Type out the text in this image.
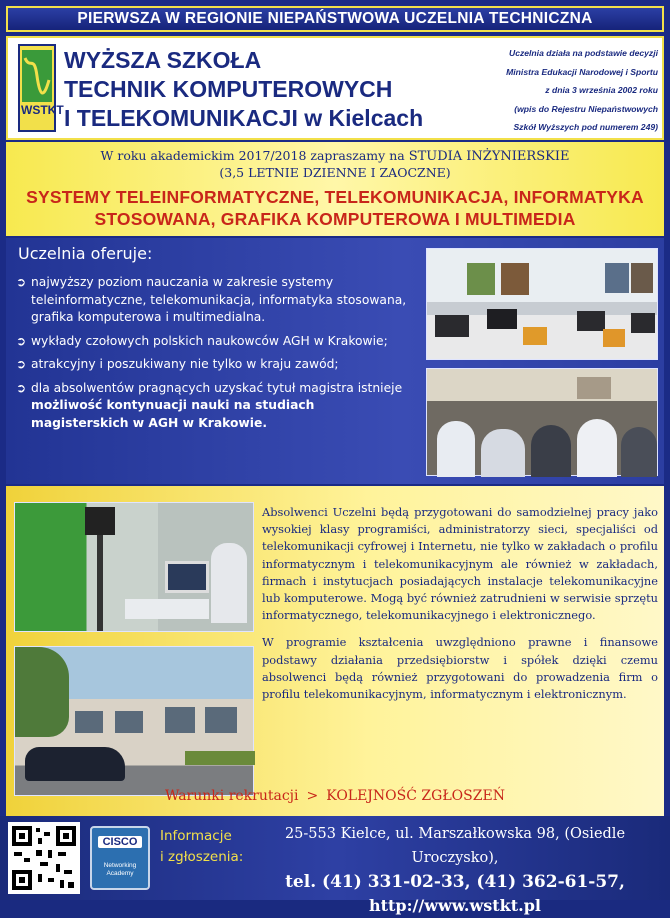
PIERWSZA W REGIONIE NIEPAŃSTWOWA UCZELNIA TECHNICZNA
WSTKT
WYŻSZA SZKOŁA
TECHNIK KOMPUTEROWYCH
I TELEKOMUNIKACJI w Kielcach
Uczelnia działa na podstawie decyzji
Ministra Edukacji Narodowej i Sportu
z dnia 3 września 2002 roku
(wpis do Rejestru Niepaństwowych
Szkół Wyższych pod numerem 249)
W roku akademickim 2017/2018 zapraszamy na STUDIA INŻYNIERSKIE
(3,5 LETNIE DZIENNE I ZAOCZNE)
SYSTEMY TELEINFORMATYCZNE, TELEKOMUNIKACJA, INFORMATYKA
STOSOWANA, GRAFIKA KOMPUTEROWA I MULTIMEDIA
Uczelnia oferuje:
➲ najwyższy poziom nauczania w zakresie systemy teleinformatyczne, telekomunikacja, informatyka stosowana, grafika komputerowa i multimedialna.
➲ wykłady czołowych polskich naukowców AGH w Krakowie;
➲ atrakcyjny i poszukiwany nie tylko w kraju zawód;
➲ dla absolwentów pragnących uzyskać tytuł magistra istnieje możliwość kontynuacji nauki na studiach magisterskich w AGH w Krakowie.

Absolwenci Uczelni będą przygotowani do samodzielnej pracy jako wysokiej klasy programiści, administratorzy sieci, specjaliści od telekomunikacji cyfrowej i Internetu, nie tylko w zakładach o profilu informatycznym i telekomunikacyjnym ale również w zakładach, firmach i instytucjach posiadających instalacje telekomunikacyjne lub komputerowe. Mogą być również zatrudnieni w serwisie sprzętu informatycznego, telekomunikacyjnego i elektronicznego.

W programie kształcenia uwzględniono prawne i finansowe podstawy działania przedsiębiorstw i spółek dzięki czemu absolwenci będą również przygotowani do prowadzenia firm o profilu telekomunikacyjnym, informatycznym i elektronicznym.

Warunki rekrutacji > KOLEJNOŚĆ ZGŁOSZEŃ
CISCO
Networking Academy
Informacje
i zgłoszenia:
25-553 Kielce, ul. Marszałkowska 98, (Osiedle Uroczysko),
tel. (41) 331-02-33, (41) 362-61-57,
http://www.wstkt.pl
